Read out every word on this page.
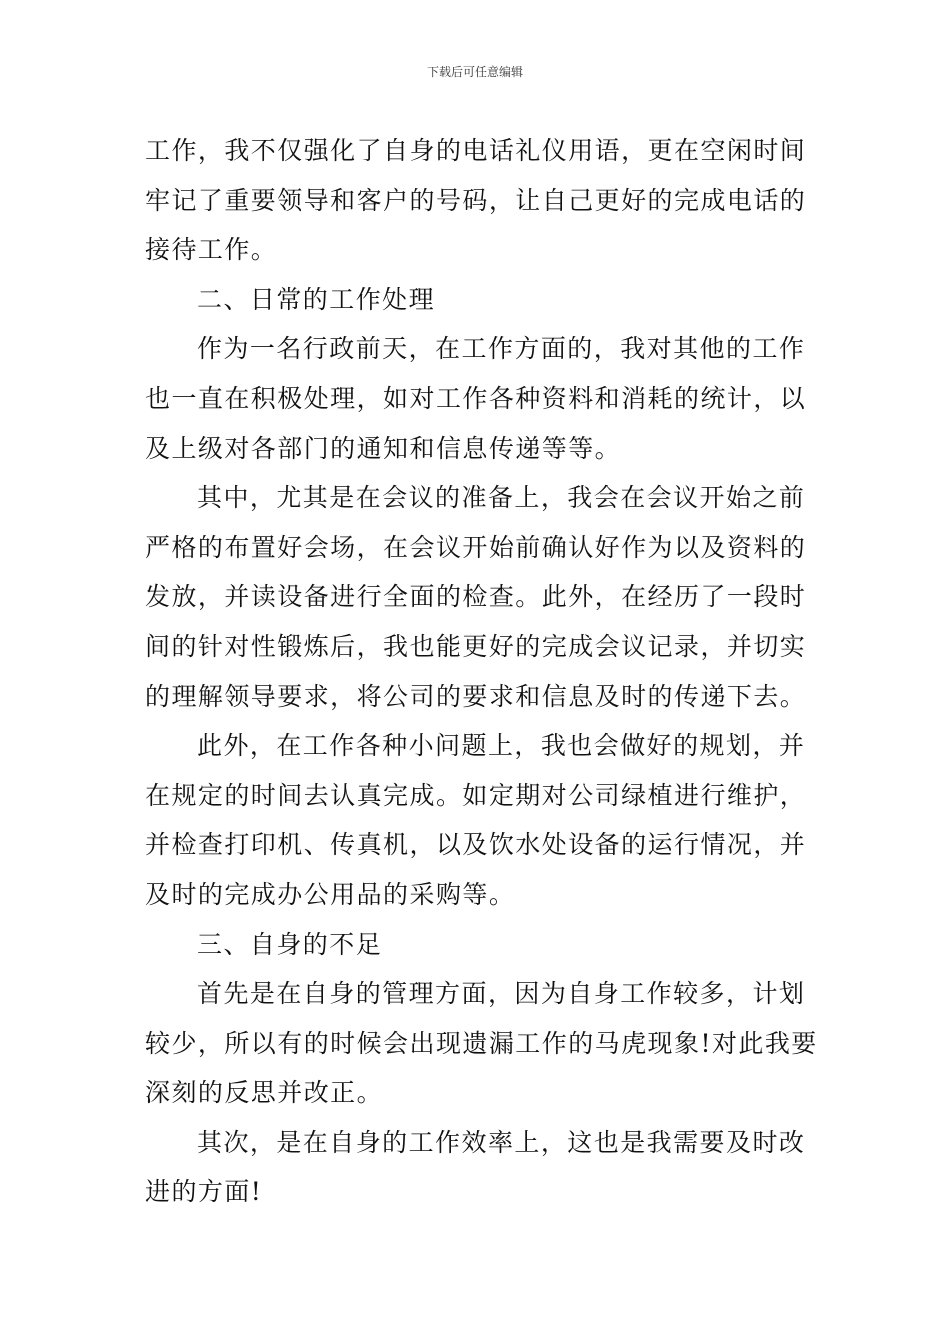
下载后可任意编辑
工作，我不仅强化了自身的电话礼仪用语，更在空闲时间
牢记了重要领导和客户的号码，让自己更好的完成电话的
接待工作。
二、日常的工作处理
作为一名行政前天，在工作方面的，我对其他的工作
也一直在积极处理，如对工作各种资料和消耗的统计，以
及上级对各部门的通知和信息传递等等。
其中，尤其是在会议的准备上，我会在会议开始之前
严格的布置好会场，在会议开始前确认好作为以及资料的
发放，并读设备进行全面的检查。此外，在经历了一段时
间的针对性锻炼后，我也能更好的完成会议记录，并切实
的理解领导要求，将公司的要求和信息及时的传递下去。
此外，在工作各种小问题上，我也会做好的规划，并
在规定的时间去认真完成。如定期对公司绿植进行维护，
并检查打印机、传真机，以及饮水处设备的运行情况，并
及时的完成办公用品的采购等。
三、自身的不足
首先是在自身的管理方面，因为自身工作较多，计划
较少，所以有的时候会出现遗漏工作的马虎现象!对此我要
深刻的反思并改正。
其次，是在自身的工作效率上，这也是我需要及时改
进的方面!
